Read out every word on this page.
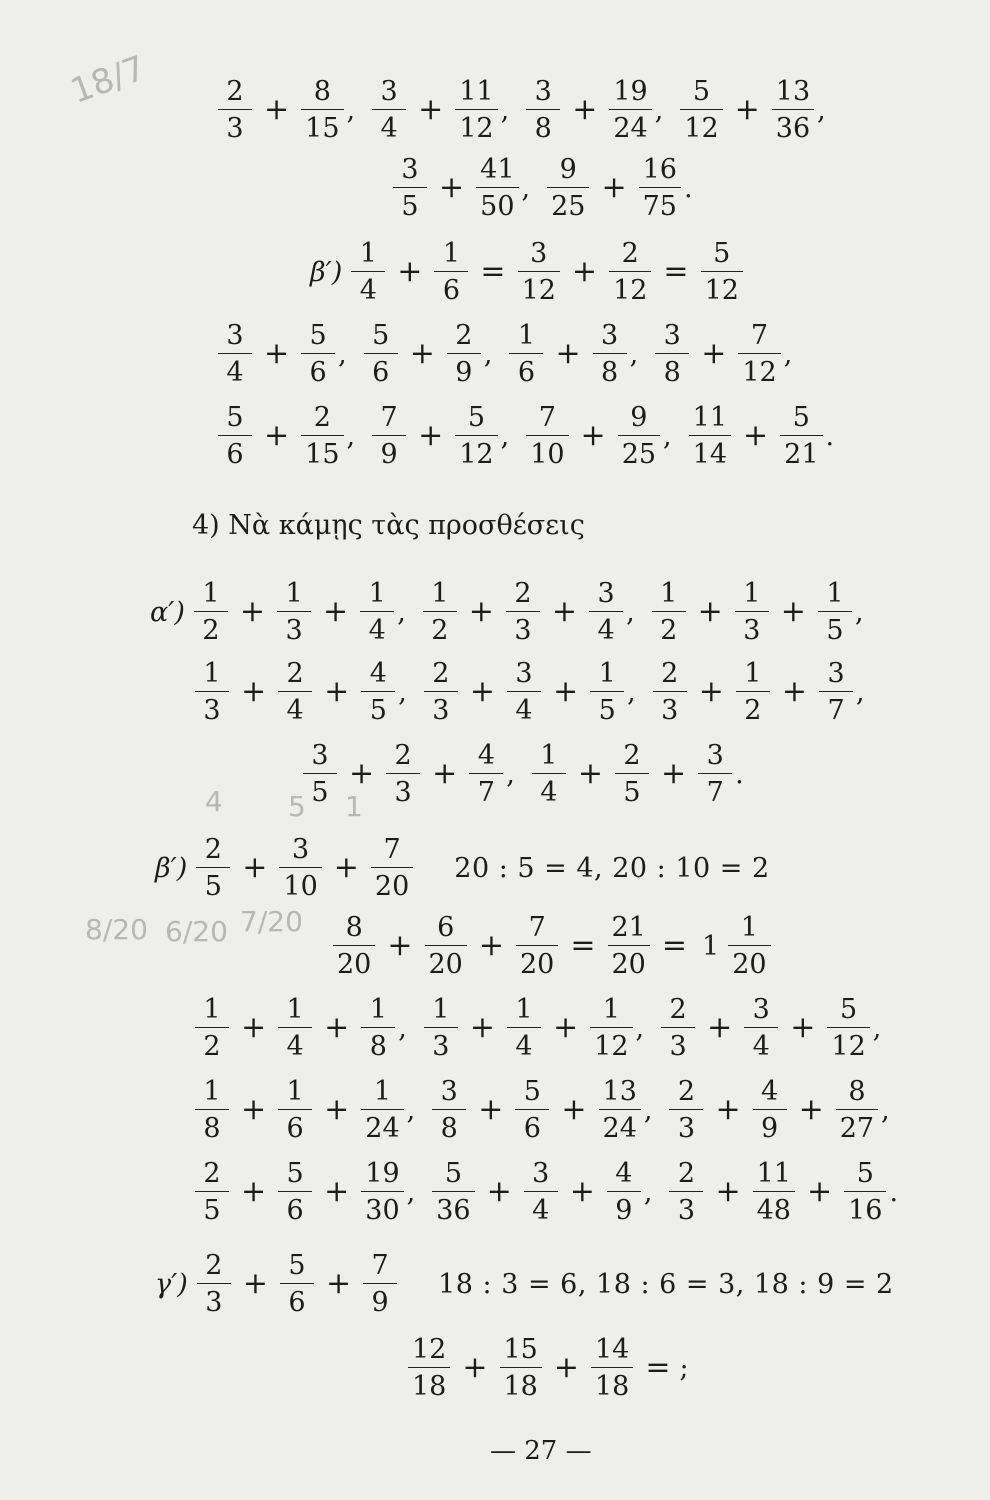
18/7
8/20 6/20 7/20
4 5 1
$\frac{2}{3} + \frac{8}{15}$ , $\frac{3}{4} + \frac{11}{12}$ , $\frac{3}{8} + \frac{19}{24}$ , $\frac{5}{12} + \frac{13}{36}$ ,
$\frac{3}{5} + \frac{41}{50}$ , $\frac{9}{25} + \frac{16}{75}$ .
$\beta') \frac{1}{4} + \frac{1}{6} = \frac{3}{12} + \frac{2}{12} = \frac{5}{12}$
$\frac{3}{4} + \frac{5}{6}$ , $\frac{5}{6} + \frac{2}{9}$ , $\frac{1}{6} + \frac{3}{8}$ , $\frac{3}{8} + \frac{7}{12}$ ,
$\frac{5}{6} + \frac{2}{15}$ , $\frac{7}{9} + \frac{5}{12}$ , $\frac{7}{10} + \frac{9}{25}$ , $\frac{11}{14} + \frac{5}{21}$ .
4) Νὰ κάμῃς τὰς προσθέσεις
$\alpha') \frac{1}{2} + \frac{1}{3} + \frac{1}{4}$ , $\frac{1}{2} + \frac{2}{3} + \frac{3}{4}$ , $\frac{1}{2} + \frac{1}{3} + \frac{1}{5}$ ,
$\frac{1}{3} + \frac{2}{4} + \frac{4}{5}$ , $\frac{2}{3} + \frac{3}{4} + \frac{1}{5}$ , $\frac{2}{3} + \frac{1}{2} + \frac{3}{7}$ ,
$\frac{3}{5} + \frac{2}{3} + \frac{4}{7}$ , $\frac{1}{4} + \frac{2}{5} + \frac{3}{7}$ .
$\beta') \frac{2}{5} + \frac{3}{10} + \frac{7}{20} 20$ : 5 = 4, 20 : 10 = 2
$\frac{8}{20} + \frac{6}{20} + \frac{7}{20} = \frac{21}{20} = 1 \frac{1}{20}$
$\frac{1}{2} + \frac{1}{4} + \frac{1}{8}$ , $\frac{1}{3} + \frac{1}{4} + \frac{1}{12}$ , $\frac{2}{3} + \frac{3}{4} + \frac{5}{12}$ ,
$\frac{1}{8} + \frac{1}{6} + \frac{1}{24}$ , $\frac{3}{8} + \frac{5}{6} + \frac{13}{24}$ , $\frac{2}{3} + \frac{4}{9} + \frac{8}{27}$ ,
$\frac{2}{5} + \frac{5}{6} + \frac{19}{30}$ , $\frac{5}{36} + \frac{3}{4} + \frac{4}{9}$ , $\frac{2}{3} + \frac{11}{48} + \frac{5}{16}$ .
$\gamma') \frac{2}{3} + \frac{5}{6} + \frac{7}{9} 18$ : 3 = 6, 18 : 6 = 3, 18 : 9 = 2
$\frac{12}{18} + \frac{15}{18} + \frac{14}{18}$ = ;
— 27 —
